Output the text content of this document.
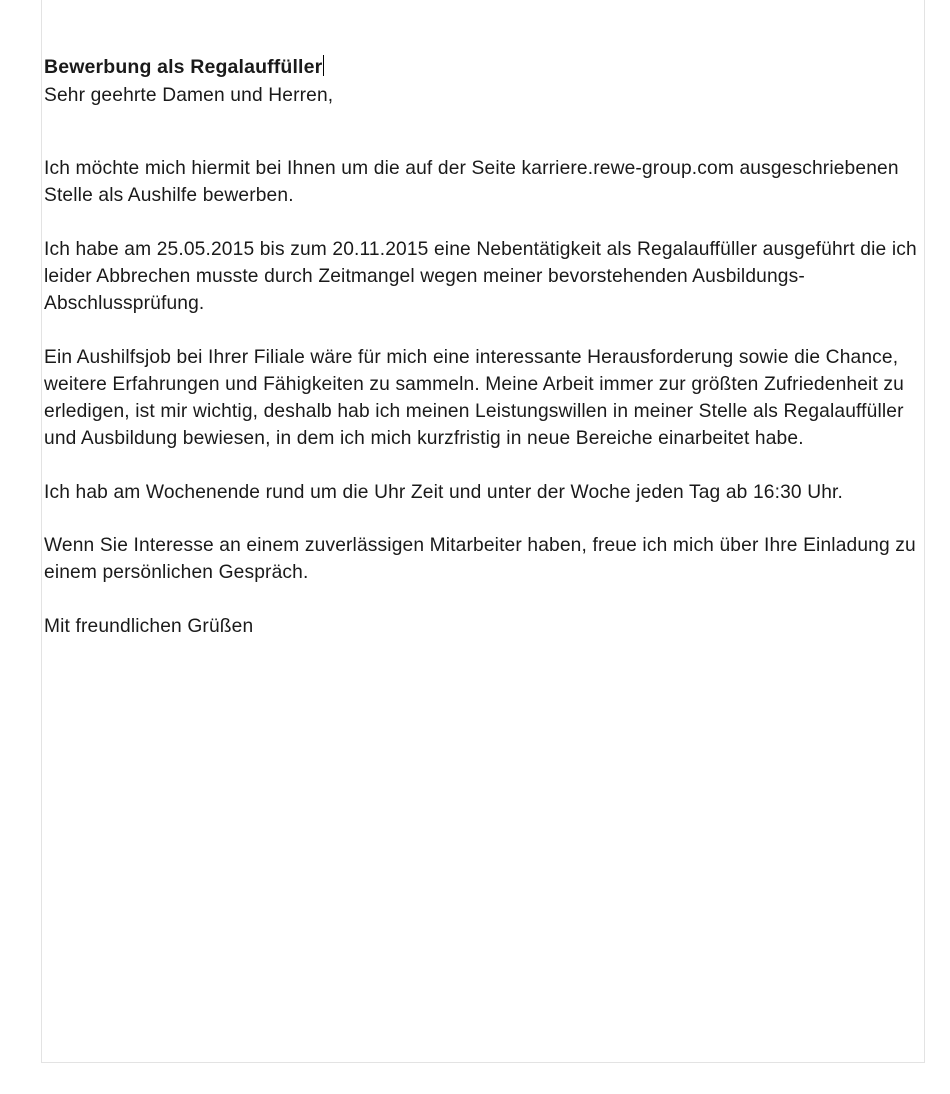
Bewerbung als Regalauffüller

Sehr geehrte Damen und Herren,

Ich möchte mich hiermit bei Ihnen um die auf der Seite karriere.rewe-group.com ausgeschriebenen Stelle als Aushilfe bewerben.

Ich habe am 25.05.2015 bis zum 20.11.2015 eine Nebentätigkeit als Regalauffüller ausgeführt die ich leider Abbrechen musste durch Zeitmangel wegen meiner bevorstehenden Ausbildungs-Abschlussprüfung.

Ein Aushilfsjob bei Ihrer Filiale wäre für mich eine interessante Herausforderung sowie die Chance, weitere Erfahrungen und Fähigkeiten zu sammeln. Meine Arbeit immer zur größten Zufriedenheit zu erledigen, ist mir wichtig, deshalb hab ich meinen Leistungswillen in meiner Stelle als Regalauffüller und Ausbildung bewiesen, in dem ich mich kurzfristig in neue Bereiche einarbeitet habe.

Ich hab am Wochenende rund um die Uhr Zeit und unter der Woche jeden Tag ab 16:30 Uhr.

Wenn Sie Interesse an einem zuverlässigen Mitarbeiter haben, freue ich mich über Ihre Einladung zu einem persönlichen Gespräch.

Mit freundlichen Grüßen
